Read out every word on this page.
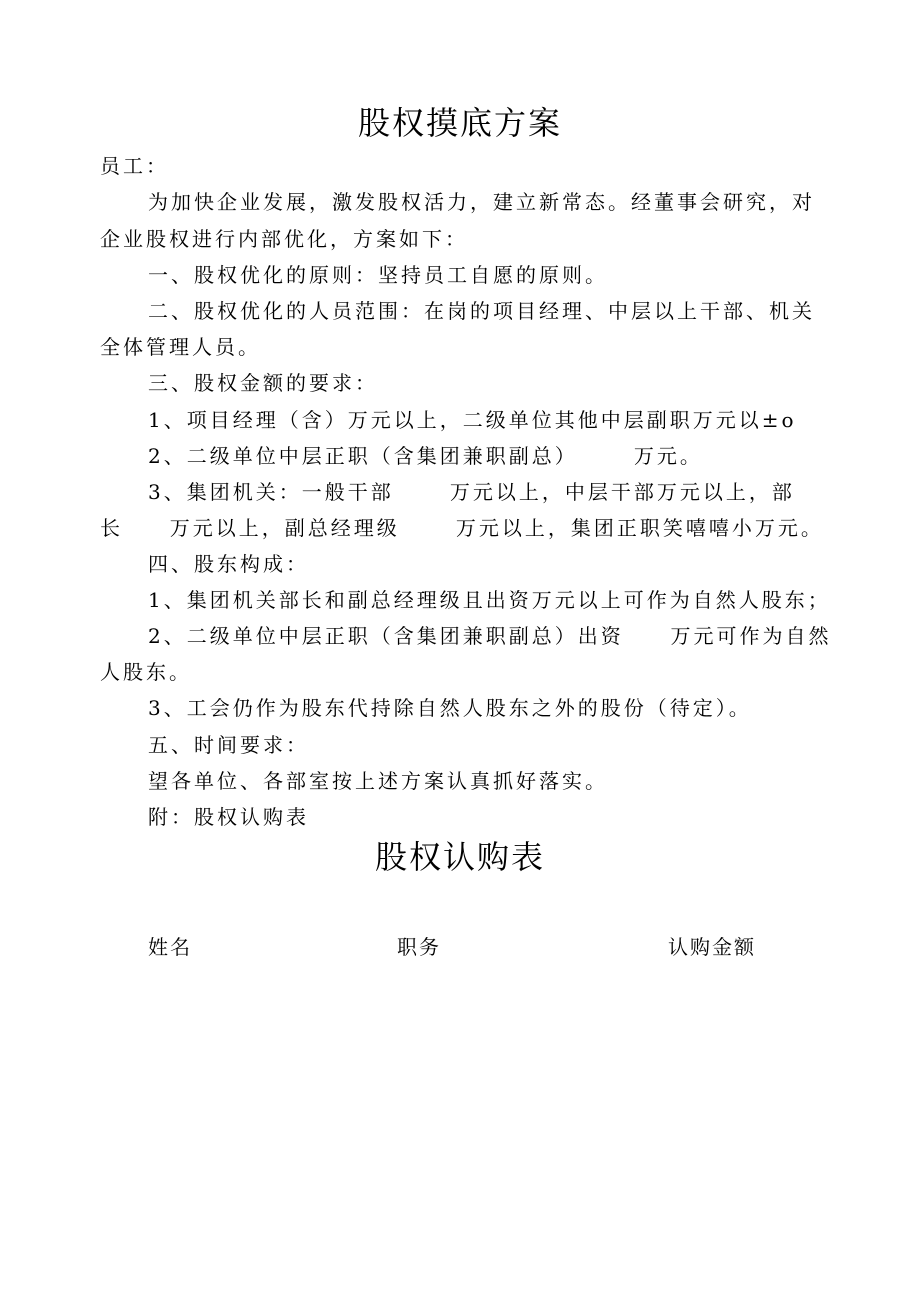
股权摸底方案
员工：
为加快企业发展，激发股权活力，建立新常态。经董事会研究，对
企业股权进行内部优化，方案如下：
一、股权优化的原则：坚持员工自愿的原则。
二、股权优化的人员范围：在岗的项目经理、中层以上干部、机关
全体管理人员。
三、股权金额的要求：
1、项目经理（含）万元以上，二级单位其他中层副职万元以±o
2、二级单位中层正职（含集团兼职副总）      万元。
3、集团机关：一般干部      万元以上，中层干部万元以上，部
长     万元以上，副总经理级      万元以上，集团正职笑嘻嘻小万元。
四、股东构成：
1、集团机关部长和副总经理级且出资万元以上可作为自然人股东；
2、二级单位中层正职（含集团兼职副总）出资     万元可作为自然
人股东。
3、工会仍作为股东代持除自然人股东之外的股份（待定）。
五、时间要求：
望各单位、各部室按上述方案认真抓好落实。
附：股权认购表
股权认购表
姓名	职务	认购金额
